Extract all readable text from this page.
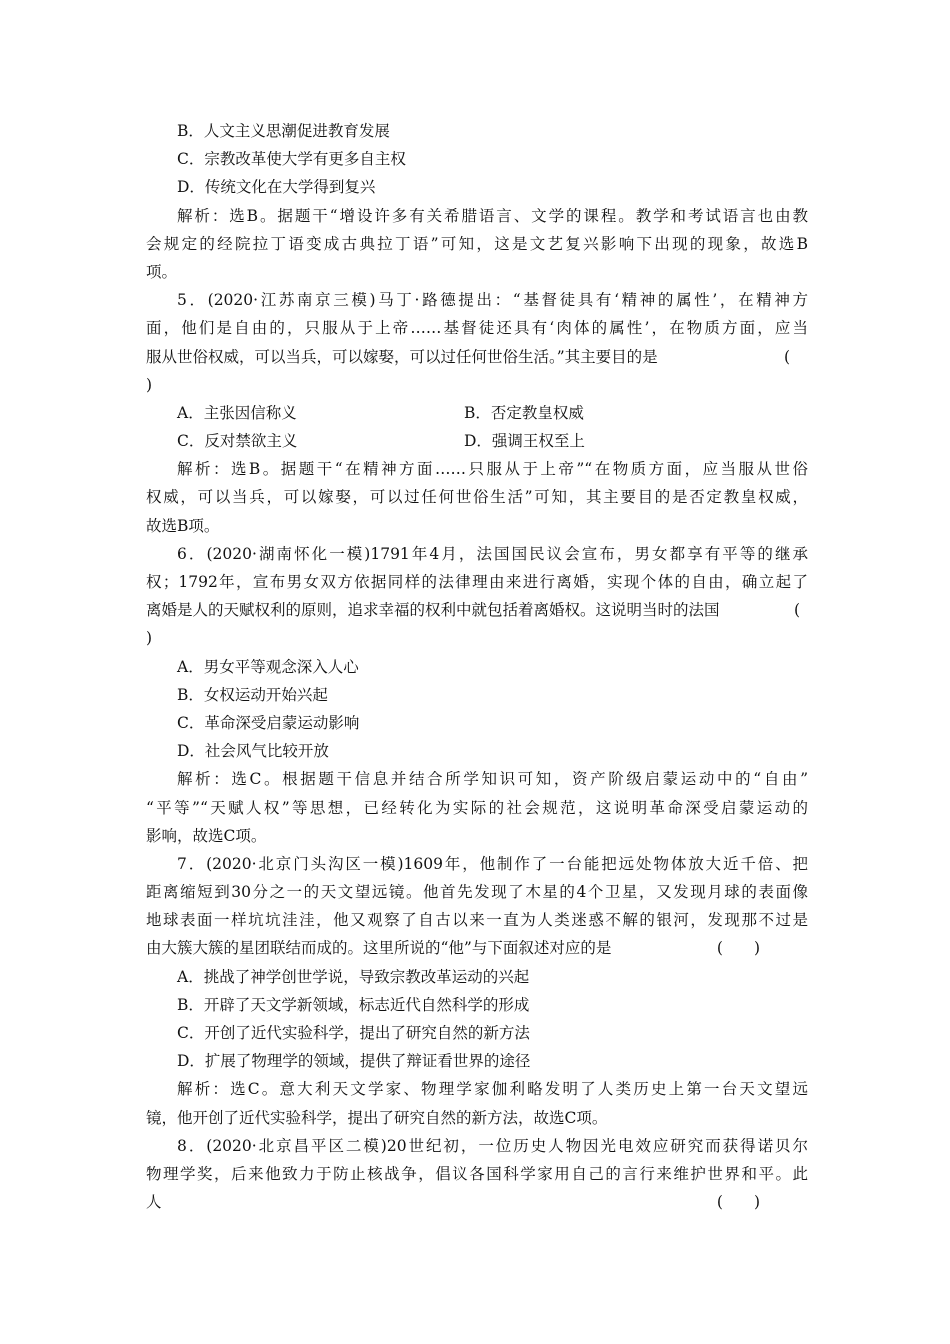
B．人文主义思潮促进教育发展
C．宗教改革使大学有更多自主权
D．传统文化在大学得到复兴
解析：选B。据题干“增设许多有关希腊语言、文学的课程。教学和考试语言也由教
会规定的经院拉丁语变成古典拉丁语”可知，这是文艺复兴影响下出现的现象，故选B
项。
5．(2020·江苏南京三模)马丁·路德提出：“基督徒具有‘精神的属性’，在精神方
面，他们是自由的，只服从于上帝……基督徒还具有‘肉体的属性’，在物质方面，应当
服从世俗权威，可以当兵，可以嫁娶，可以过任何世俗生活。”其主要目的是	(
)
A．主张因信称义	B．否定教皇权威
C．反对禁欲主义	D．强调王权至上
解析：选B。据题干“在精神方面……只服从于上帝”“在物质方面，应当服从世俗
权威，可以当兵，可以嫁娶，可以过任何世俗生活”可知，其主要目的是否定教皇权威，
故选B项。
6．(2020·湖南怀化一模)1791年4月，法国国民议会宣布，男女都享有平等的继承
权；1792年，宣布男女双方依据同样的法律理由来进行离婚，实现个体的自由，确立起了
离婚是人的天赋权利的原则，追求幸福的权利中就包括着离婚权。这说明当时的法国	(
)
A．男女平等观念深入人心
B．女权运动开始兴起
C．革命深受启蒙运动影响
D．社会风气比较开放
解析：选C。根据题干信息并结合所学知识可知，资产阶级启蒙运动中的“自由”
“平等”“天赋人权”等思想，已经转化为实际的社会规范，这说明革命深受启蒙运动的
影响，故选C项。
7．(2020·北京门头沟区一模)1609年，他制作了一台能把远处物体放大近千倍、把
距离缩短到30分之一的天文望远镜。他首先发现了木星的4个卫星，又发现月球的表面像
地球表面一样坑坑洼洼，他又观察了自古以来一直为人类迷惑不解的银河，发现那不过是
由大簇大簇的星团联结而成的。这里所说的“他”与下面叙述对应的是	(　　)
A．挑战了神学创世学说，导致宗教改革运动的兴起
B．开辟了天文学新领域，标志近代自然科学的形成
C．开创了近代实验科学，提出了研究自然的新方法
D．扩展了物理学的领域，提供了辩证看世界的途径
解析：选C。意大利天文学家、物理学家伽利略发明了人类历史上第一台天文望远
镜，他开创了近代实验科学，提出了研究自然的新方法，故选C项。
8．(2020·北京昌平区二模)20世纪初，一位历史人物因光电效应研究而获得诺贝尔
物理学奖，后来他致力于防止核战争，倡议各国科学家用自己的言行来维护世界和平。此
人	(　　)
